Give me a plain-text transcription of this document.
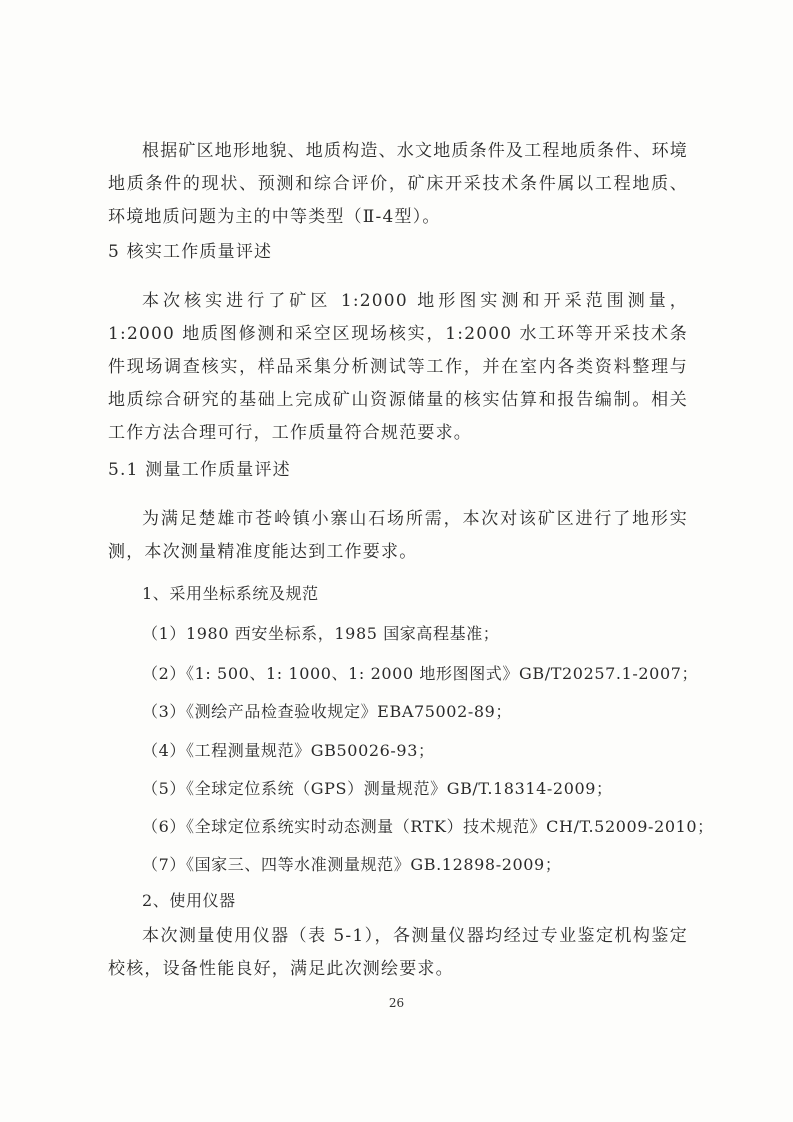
根据矿区地形地貌、地质构造、水文地质条件及工程地质条件、环境地质条件的现状、预测和综合评价，矿床开采技术条件属以工程地质、环境地质问题为主的中等类型（Ⅱ-4型）。

5 核实工作质量评述

本次核实进行了矿区 1:2000 地形图实测和开采范围测量，1:2000 地质图修测和采空区现场核实，1:2000 水工环等开采技术条件现场调查核实，样品采集分析测试等工作，并在室内各类资料整理与地质综合研究的基础上完成矿山资源储量的核实估算和报告编制。相关工作方法合理可行，工作质量符合规范要求。

5.1 测量工作质量评述

为满足楚雄市苍岭镇小寨山石场所需，本次对该矿区进行了地形实测，本次测量精准度能达到工作要求。

1、采用坐标系统及规范

（1）1980 西安坐标系，1985 国家高程基准；

（2）《1: 500、1: 1000、1: 2000 地形图图式》GB/T20257.1-2007；

（3）《测绘产品检查验收规定》EBA75002-89；

（4）《工程测量规范》GB50026-93；

（5）《全球定位系统（GPS）测量规范》GB/T.18314-2009；

（6）《全球定位系统实时动态测量（RTK）技术规范》CH/T.52009-2010；

（7）《国家三、四等水准测量规范》GB.12898-2009；

2、使用仪器

本次测量使用仪器（表 5-1），各测量仪器均经过专业鉴定机构鉴定校核，设备性能良好，满足此次测绘要求。

26
